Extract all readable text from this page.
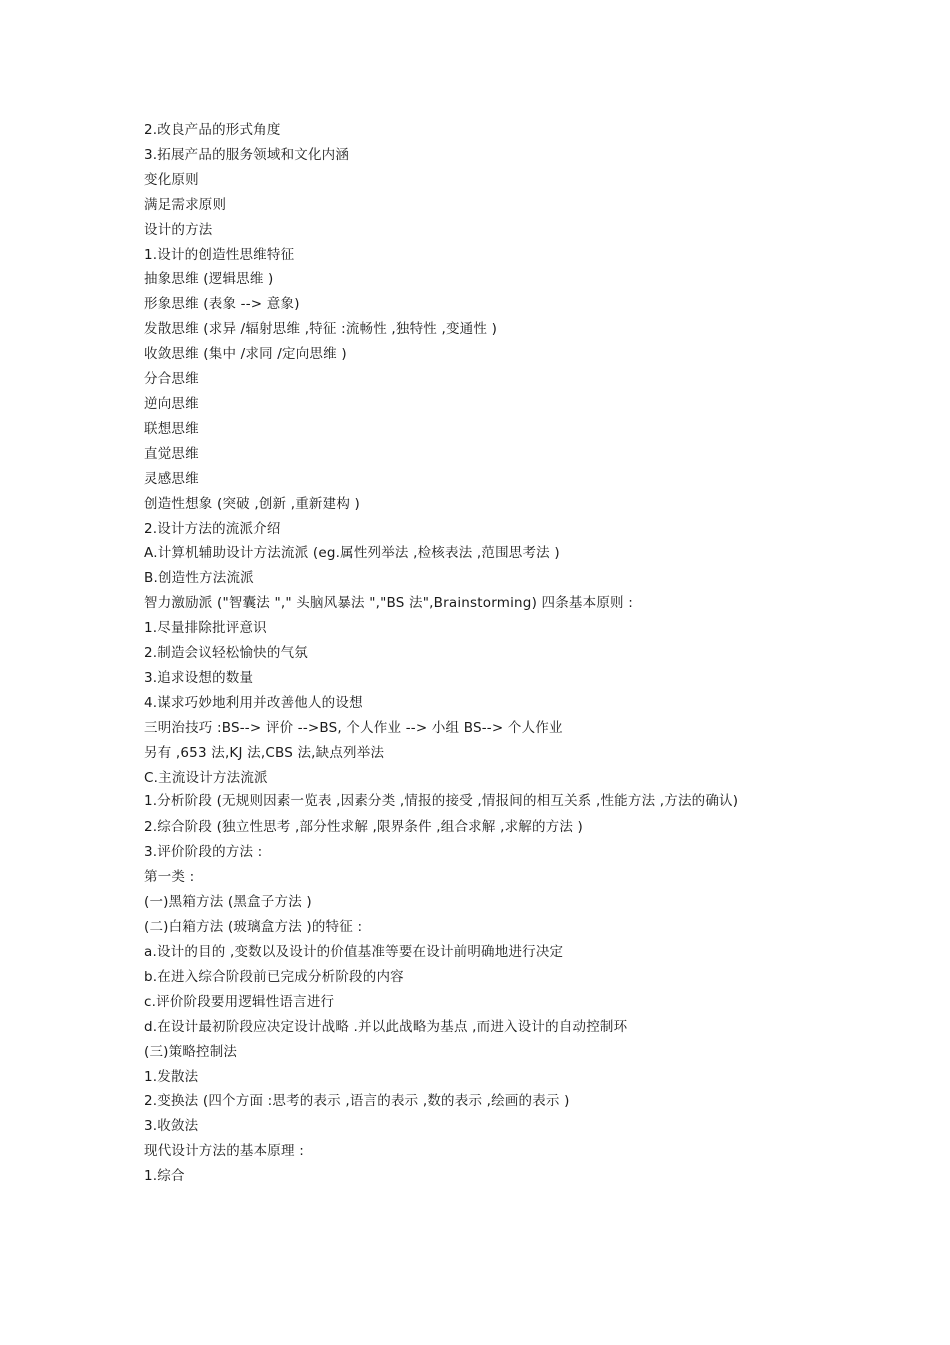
2.改良产品的形式角度
3.拓展产品的服务领域和文化内涵
变化原则
满足需求原则
设计的方法
1.设计的创造性思维特征
抽象思维 (逻辑思维 )
形象思维 (表象 --> 意象)
发散思维 (求异 /辐射思维 ,特征 :流畅性 ,独特性 ,变通性 )
收敛思维 (集中 /求同 /定向思维 )
分合思维
逆向思维
联想思维
直觉思维
灵感思维
创造性想象 (突破 ,创新 ,重新建构 )
2.设计方法的流派介绍
A.计算机辅助设计方法流派 (eg.属性列举法 ,检核表法 ,范围思考法 )
B.创造性方法流派
智力激励派 ("智囊法 "," 头脑风暴法 ","BS 法",Brainstorming) 四条基本原则 :
1.尽量排除批评意识
2.制造会议轻松愉快的气氛
3.追求设想的数量
4.谋求巧妙地利用并改善他人的设想
三明治技巧 :BS--> 评价 -->BS, 个人作业 --> 小组 BS--> 个人作业
另有 ,653 法,KJ 法,CBS 法,缺点列举法
C.主流设计方法流派
1.分析阶段 (无规则因素一览表 ,因素分类 ,情报的接受 ,情报间的相互关系 ,性能方法 ,方法的确认)
2.综合阶段 (独立性思考 ,部分性求解 ,限界条件 ,组合求解 ,求解的方法 )
3.评价阶段的方法 :
第一类 :
(一)黑箱方法 (黑盒子方法 )
(二)白箱方法 (玻璃盒方法 )的特征 :
a.设计的目的 ,变数以及设计的价值基准等要在设计前明确地进行决定
b.在进入综合阶段前已完成分析阶段的内容
c.评价阶段要用逻辑性语言进行
d.在设计最初阶段应决定设计战略 .并以此战略为基点 ,而进入设计的自动控制环
(三)策略控制法
1.发散法
2.变换法 (四个方面 :思考的表示 ,语言的表示 ,数的表示 ,绘画的表示 )
3.收敛法
现代设计方法的基本原理 :
1.综合
